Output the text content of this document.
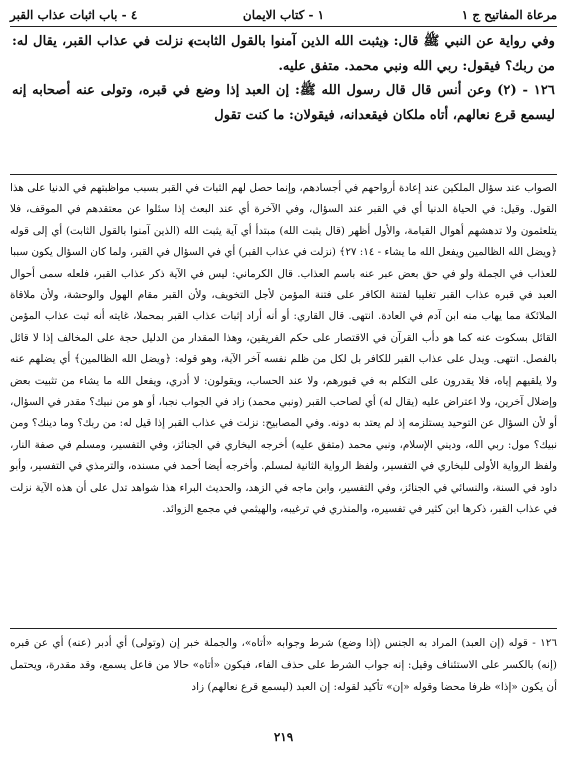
مرعاة المفاتيح ج ١
١ - كتاب الايمان
٤ - باب اثبات عذاب القبر

وفي رواية عن النبي ﷺ قال: ﴿يثبت الله الذين آمنوا بالقول الثابت﴾ نزلت في عذاب القبر، يقال له: من ربك؟ فيقول: ربي الله ونبي محمد. متفق عليه.

١٢٦ - (٢) وعن أنس قال قال رسول الله ﷺ: إن العبد إذا وضع في قبره، وتولى عنه أصحابه إنه ليسمع قرع نعالهم، أتاه ملكان فيقعدانه، فيقولان: ما كنت تقول

الصواب عند سؤال الملكين عند إعادة أرواحهم في أجسادهم، وإنما حصل لهم الثبات في القبر بسبب مواظبتهم في الدنيا على هذا القول. وقيل: في الحياة الدنيا أي في القبر عند السؤال، وفي الآخرة أي عند البعث إذا سئلوا عن معتقدهم في الموقف، فلا يتلعثمون ولا تدهشهم أهوال القيامة، والأول أظهر (قال يثبت الله) مبتدأ أي آية يثبت الله (الذين آمنوا بالقول الثابت) أي إلى قوله ﴿ويضل الله الظالمين ويفعل الله ما يشاء - ١٤: ٢٧﴾ (نزلت في عذاب القبر) أي في السؤال في القبر، ولما كان السؤال يكون سببا للعذاب في الجملة ولو في حق بعض عبر عنه باسم العذاب. قال الكرماني: ليس في الآية ذكر عذاب القبر، فلعله سمى أحوال العبد في قبره عذاب القبر تغليبا لفتنة الكافر على فتنة المؤمن لأجل التخويف، ولأن القبر مقام الهول والوحشة، ولأن ملاقاة الملائكة مما يهاب منه ابن آدم في العادة. انتهى. قال القاري: أو أنه أراد إثبات عذاب القبر بمحملا، غايته أنه ثبت عذاب المؤمن القائل بسكوت عنه كما هو دأب القرآن في الاقتصار على حكم الفريقين، وهذا المقدار من الدليل حجة على المخالف إذا لا قائل بالفصل. انتهى. ويدل على عذاب القبر للكافر بل لكل من ظلم نفسه آخر الآية، وهو قوله: ﴿ويضل الله الظالمين﴾ أي يضلهم عنه ولا يلقيهم إياه، فلا يقدرون على التكلم به في قبورهم، ولا عند الحساب، ويقولون: لا أدري، ويفعل الله ما يشاء من تثبيت بعض وإضلال آخرين، ولا اعتراض عليه (يقال له) أي لصاحب القبر (ونبي محمد) زاد في الجواب نجبا، أو هو من نبيك؟ مقدر في السؤال، أو لأن السؤال عن التوحيد يستلزمه إذ لم يعتد به دونه. وفي المصابيح: نزلت في عذاب القبر إذا قيل له: من ربك؟ وما دينك؟ ومن نبيك؟ مول: ربي الله، وديني الإسلام، ونبي محمد (متفق عليه) أخرجه البخاري في الجنائز، وفي التفسير، ومسلم في صفة النار، ولفظ الرواية الأولى للبخاري في التفسير، ولفظ الرواية الثانية لمسلم. وأخرجه أيضا أحمد في مسنده، والترمذي في التفسير، وأبو داود في السنة، والنسائي في الجنائز، وفي التفسير، وابن ماجه في الزهد، والحديث البراء هذا شواهد تدل على أن هذه الآية نزلت في عذاب القبر، ذكرها ابن كثير في تفسيره، والمنذري في ترغيبه، والهيثمي في مجمع الزوائد.

١٢٦ - قوله (إن العبد) المراد به الجنس (إذا وضع) شرط وجوابه «أتاه»، والجملة خبر إن (وتولى) أي أدبر (عنه) أي عن قبره (إنه) بالكسر على الاستئناف وقيل: إنه جواب الشرط على حذف الفاء، فيكون «أتاه» حالا من فاعل يسمع، وقد مقدرة، ويحتمل أن يكون «إذا» ظرفا محضا وقوله «إن» تأكيد لقوله: إن العبد (ليسمع قرع نعالهم) زاد

٢١٩
